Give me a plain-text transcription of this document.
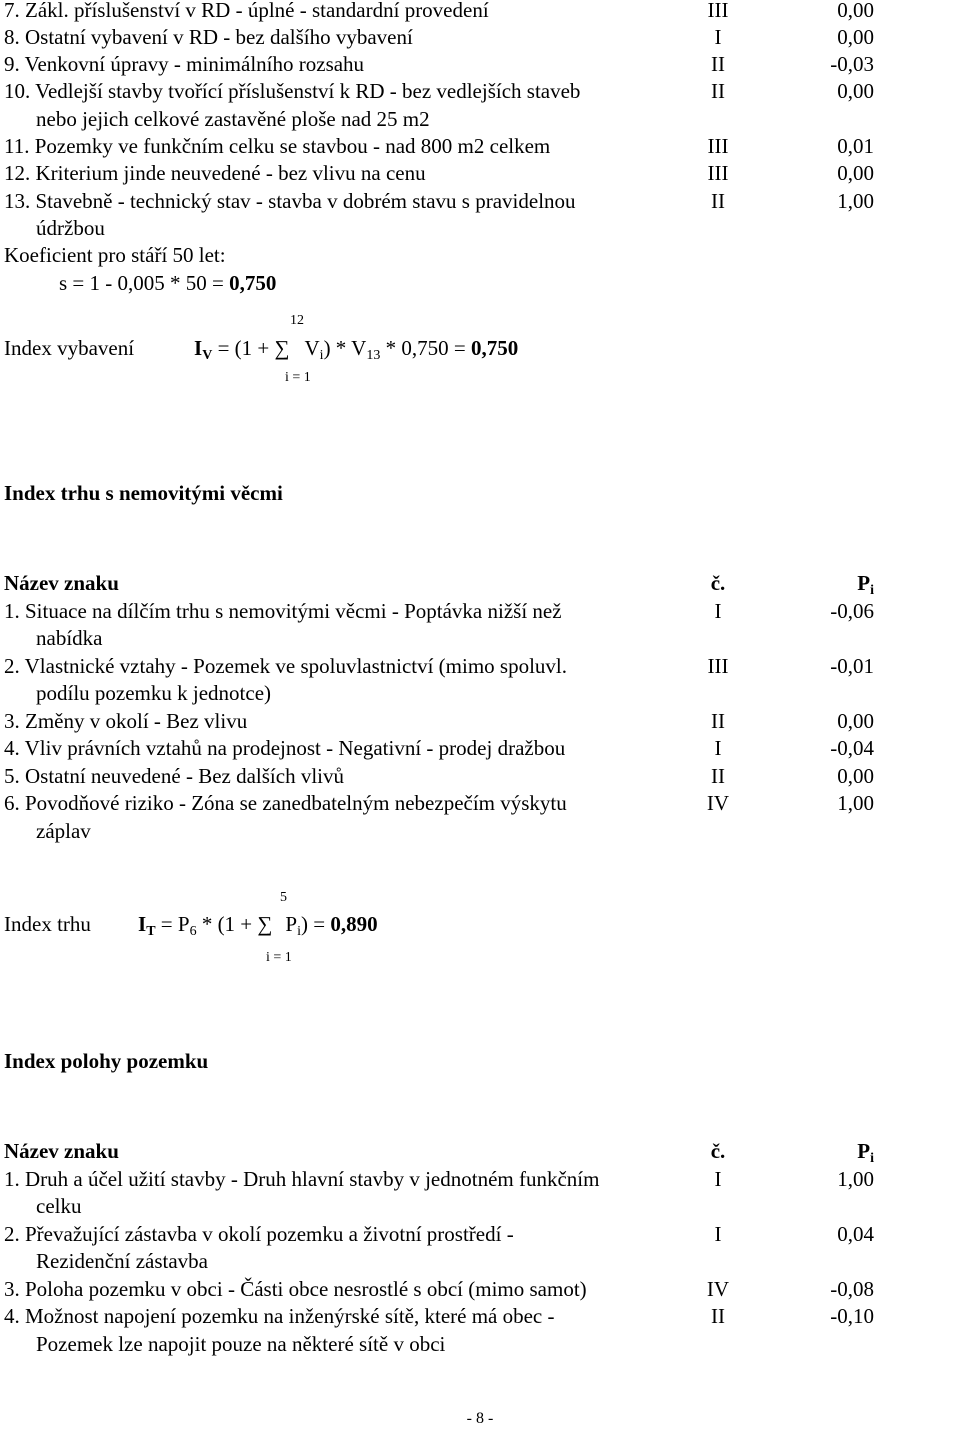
7. Zákl. příslušenství v RD - úplné - standardní provedení	III	0,00
8. Ostatní vybavení v RD - bez dalšího vybavení	I	0,00
9. Venkovní úpravy - minimálního rozsahu	II	-0,03
10. Vedlejší stavby tvořící příslušenství k RD - bez vedlejších staveb	II	0,00
nebo jejich celkové zastavěné ploše nad 25 m2
11. Pozemky ve funkčním celku se stavbou - nad 800 m2 celkem	III	0,01
12. Kriterium jinde neuvedené - bez vlivu na cenu	III	0,00
13. Stavebně - technický stav - stavba v dobrém stavu s pravidelnou	II	1,00
údržbou
Koeficient pro stáří 50 let:
s = 1 - 0,005 * 50 = 0,750
Index vybavení
12
i = 1
$I_V = (1$ + ∑ $V_i) * V_{13} * 0,750 = 0,750$
Index trhu s nemovitými věcmi
Název znaku	č.	$P_i$
1. Situace na dílčím trhu s nemovitými věcmi - Poptávka nižší než	I	-0,06
nabídka
2. Vlastnické vztahy - Pozemek ve spoluvlastnictví (mimo spoluvl.	III	-0,01
podílu pozemku k jednotce)
3. Změny v okolí - Bez vlivu	II	0,00
4. Vliv právních vztahů na prodejnost - Negativní - prodej dražbou	I	-0,04
5. Ostatní neuvedené - Bez dalších vlivů	II	0,00
6. Povodňové riziko - Zóna se zanedbatelným nebezpečím výskytu	IV	1,00
záplav
Index trhu
5
i = 1
$I_T = P_6 * (1$ + ∑ $P_i) = 0,890$
Index polohy pozemku
Název znaku	č.	$P_i$
1. Druh a účel užití stavby - Druh hlavní stavby v jednotném funkčním	I	1,00
celku
2. Převažující zástavba v okolí pozemku a životní prostředí -	I	0,04
Rezidenční zástavba
3. Poloha pozemku v obci - Části obce nesrostlé s obcí (mimo samot)	IV	-0,08
4. Možnost napojení pozemku na inženýrské sítě, které má obec -	II	-0,10
Pozemek lze napojit pouze na některé sítě v obci
- 8 -
